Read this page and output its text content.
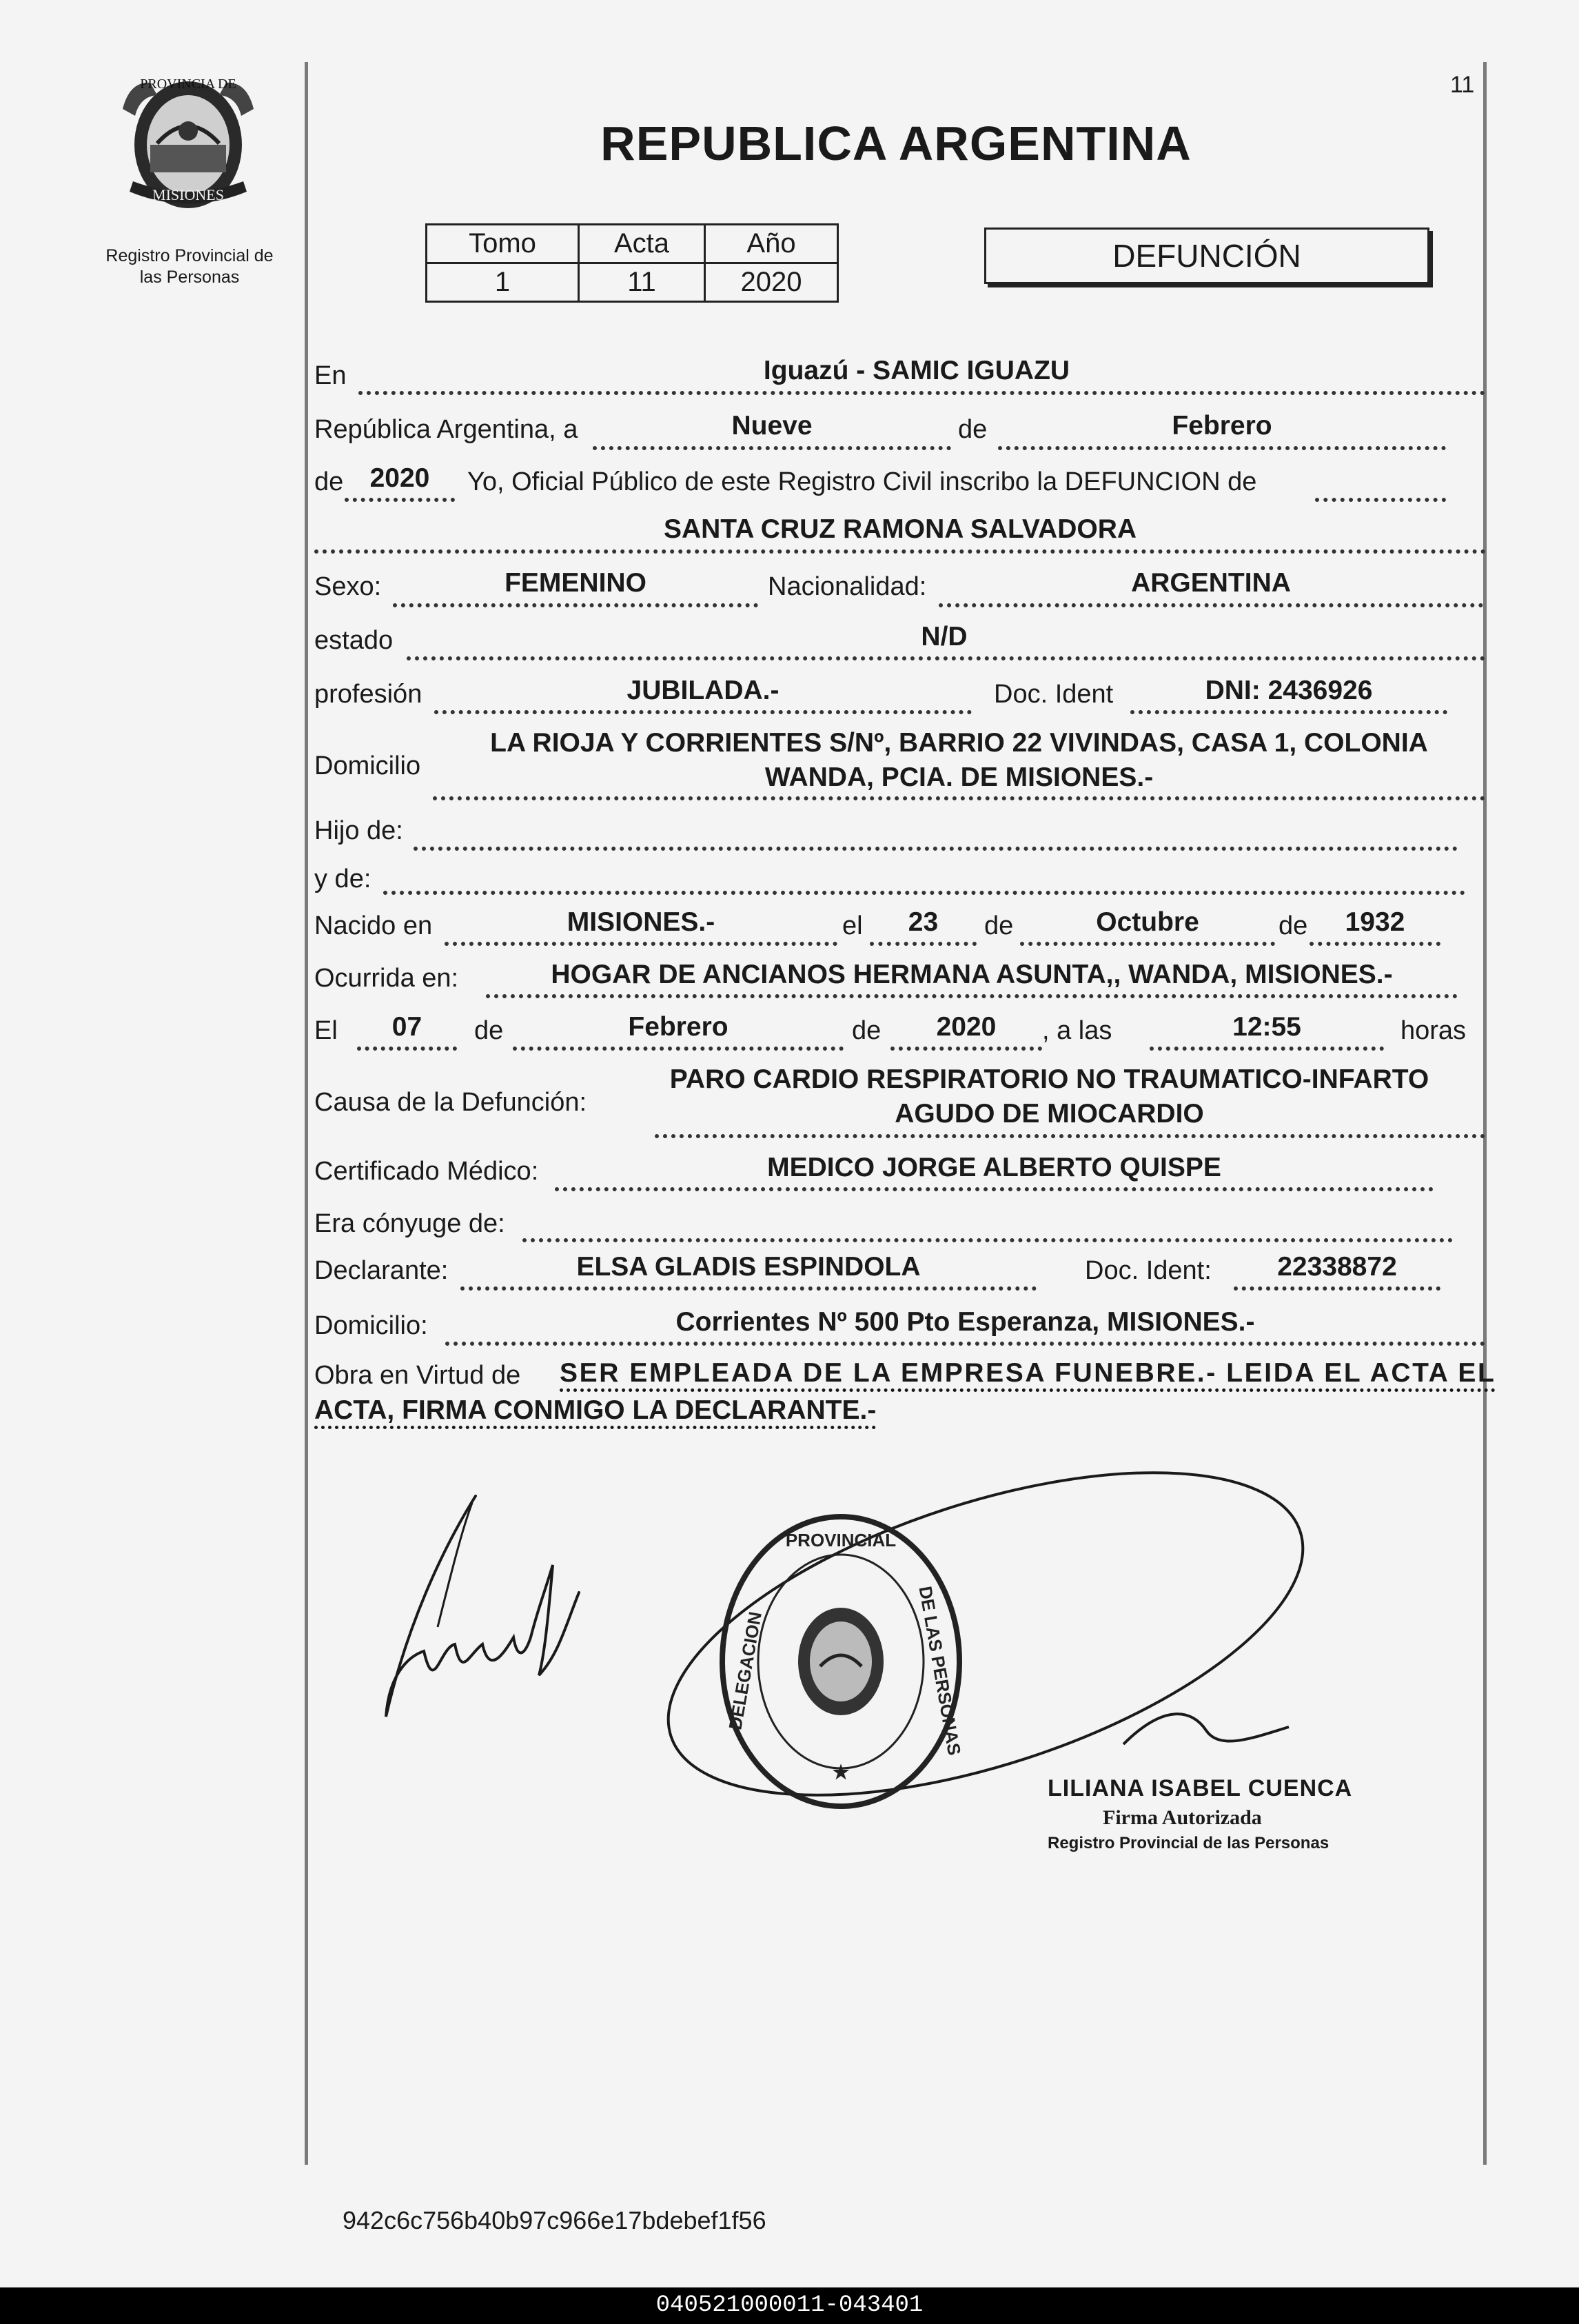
11
PROVINCIA DE
MISIONES
Registro Provincial de
las Personas
REPUBLICA ARGENTINA
Tomo	Acta	Año
1	11	2020
DEFUNCIÓN
En	Iguazú - SAMIC IGUAZU
República Argentina, a	Nueve	de	Febrero
de 2020	Yo, Oficial Público de este Registro Civil inscribo la DEFUNCION de
SANTA CRUZ RAMONA SALVADORA
Sexo:	FEMENINO	Nacionalidad:	ARGENTINA
estado	N/D
profesión	JUBILADA.-	Doc. Ident	DNI: 2436926
Domicilio
LA RIOJA Y CORRIENTES S/Nº, BARRIO 22 VIVINDAS, CASA 1, COLONIA
WANDA, PCIA. DE MISIONES.-
Hijo de:
y de:
Nacido en	MISIONES.-	el	23	de	Octubre	de	1932
Ocurrida en:	HOGAR DE ANCIANOS HERMANA ASUNTA,, WANDA, MISIONES.-
El	07	de	Febrero	de	2020	, a las	12:55	horas
Causa de la Defunción:
PARO CARDIO RESPIRATORIO NO TRAUMATICO-INFARTO
AGUDO DE MIOCARDIO
Certificado Médico:	MEDICO JORGE ALBERTO QUISPE
Era cónyuge de:
Declarante:	ELSA GLADIS ESPINDOLA	Doc. Ident:	22338872
Domicilio:	Corrientes Nº 500 Pto Esperanza, MISIONES.-
Obra en Virtud de SER EMPLEADA DE LA EMPRESA FUNEBRE.- LEIDA EL ACTA EL
ACTA, FIRMA CONMIGO LA DECLARANTE.-
PROVINCIAL
DELEGACION	DE LAS PERSONAS
★
LILIANA ISABEL CUENCA
Firma Autorizada
Registro Provincial de las Personas
942c6c756b40b97c966e17bdebef1f56
040521000011-043401
